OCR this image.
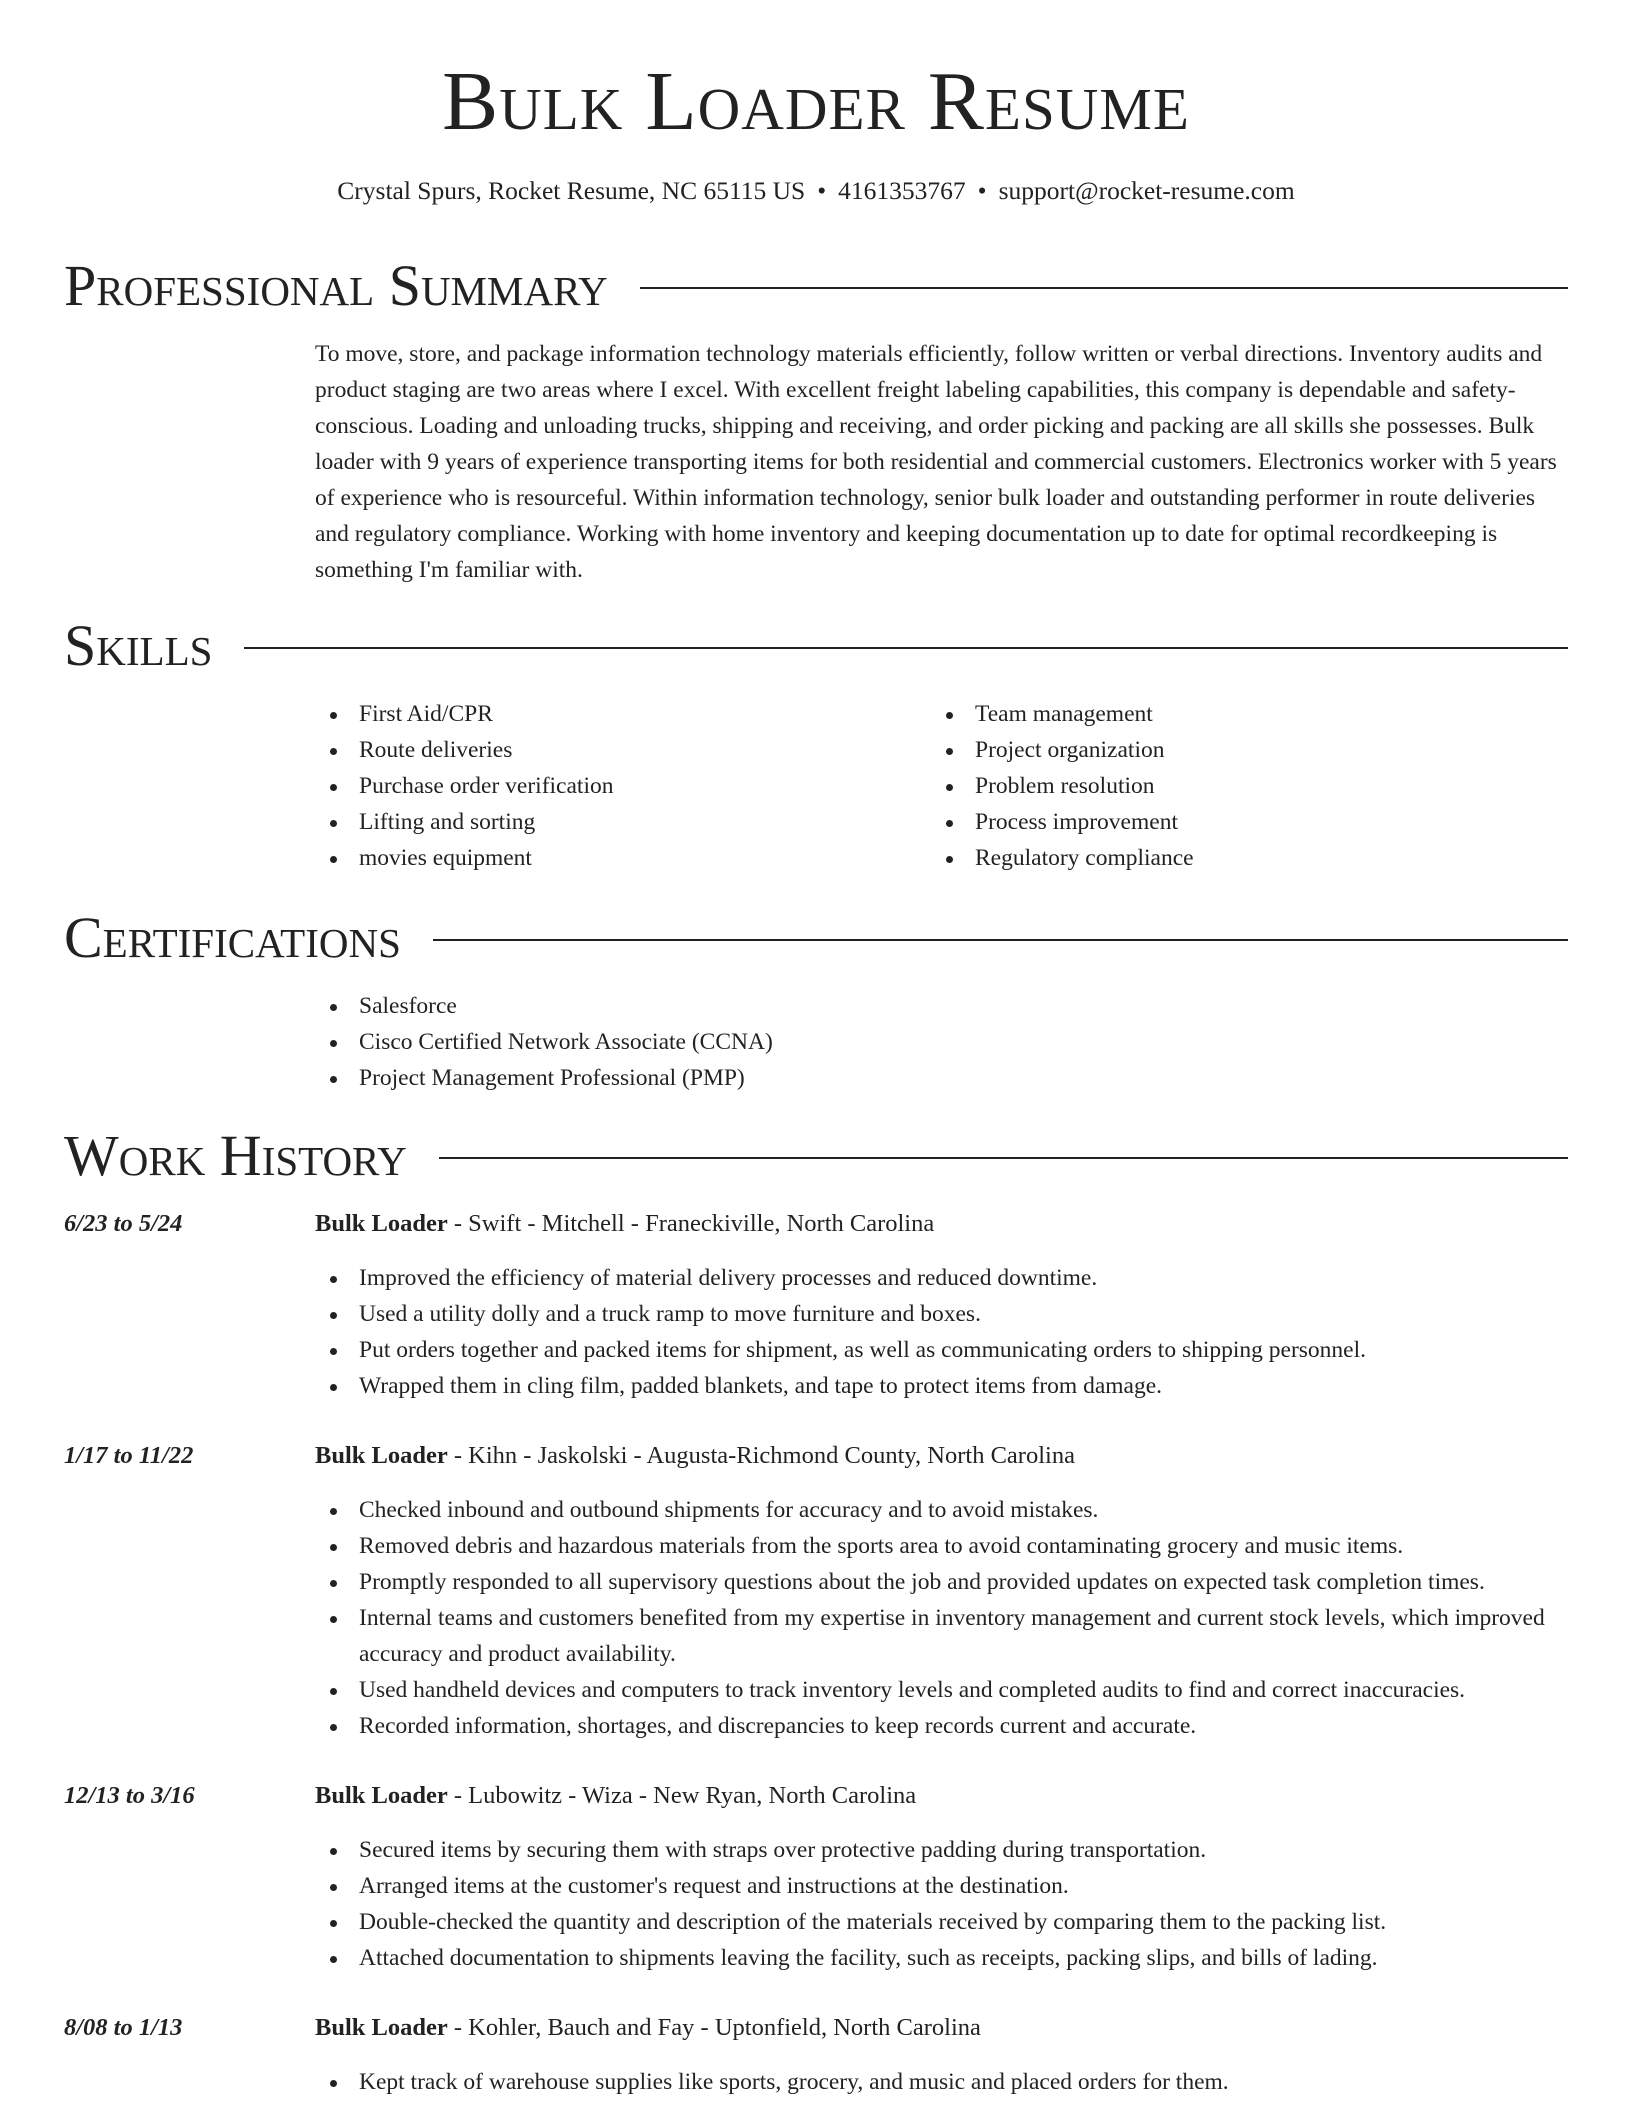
Bulk Loader Resume
Crystal Spurs, Rocket Resume, NC 65115 US • 4161353767 • support@rocket-resume.com
Professional Summary

To move, store, and package information technology materials efficiently, follow written or verbal directions. Inventory audits and product staging are two areas where I excel. With excellent freight labeling capabilities, this company is dependable and safety-conscious. Loading and unloading trucks, shipping and receiving, and order picking and packing are all skills she possesses. Bulk loader with 9 years of experience transporting items for both residential and commercial customers. Electronics worker with 5 years of experience who is resourceful. Within information technology, senior bulk loader and outstanding performer in route deliveries and regulatory compliance. Working with home inventory and keeping documentation up to date for optimal recordkeeping is something I'm familiar with.

Skills
First Aid/CPR
Route deliveries
Purchase order verification
Lifting and sorting
movies equipment
Team management
Project organization
Problem resolution
Process improvement
Regulatory compliance
Certifications
Salesforce
Cisco Certified Network Associate (CCNA)
Project Management Professional (PMP)
Work History
6/23 to 5/24	Bulk Loader - Swift - Mitchell - Franeckiville, North Carolina
Improved the efficiency of material delivery processes and reduced downtime.
Used a utility dolly and a truck ramp to move furniture and boxes.
Put orders together and packed items for shipment, as well as communicating orders to shipping personnel.
Wrapped them in cling film, padded blankets, and tape to protect items from damage.
1/17 to 11/22	Bulk Loader - Kihn - Jaskolski - Augusta-Richmond County, North Carolina
Checked inbound and outbound shipments for accuracy and to avoid mistakes.
Removed debris and hazardous materials from the sports area to avoid contaminating grocery and music items.
Promptly responded to all supervisory questions about the job and provided updates on expected task completion times.
Internal teams and customers benefited from my expertise in inventory management and current stock levels, which improved accuracy and product availability.
Used handheld devices and computers to track inventory levels and completed audits to find and correct inaccuracies.
Recorded information, shortages, and discrepancies to keep records current and accurate.
12/13 to 3/16	Bulk Loader - Lubowitz - Wiza - New Ryan, North Carolina
Secured items by securing them with straps over protective padding during transportation.
Arranged items at the customer's request and instructions at the destination.
Double-checked the quantity and description of the materials received by comparing them to the packing list.
Attached documentation to shipments leaving the facility, such as receipts, packing slips, and bills of lading.
8/08 to 1/13	Bulk Loader - Kohler, Bauch and Fay - Uptonfield, North Carolina
Kept track of warehouse supplies like sports, grocery, and music and placed orders for them.
